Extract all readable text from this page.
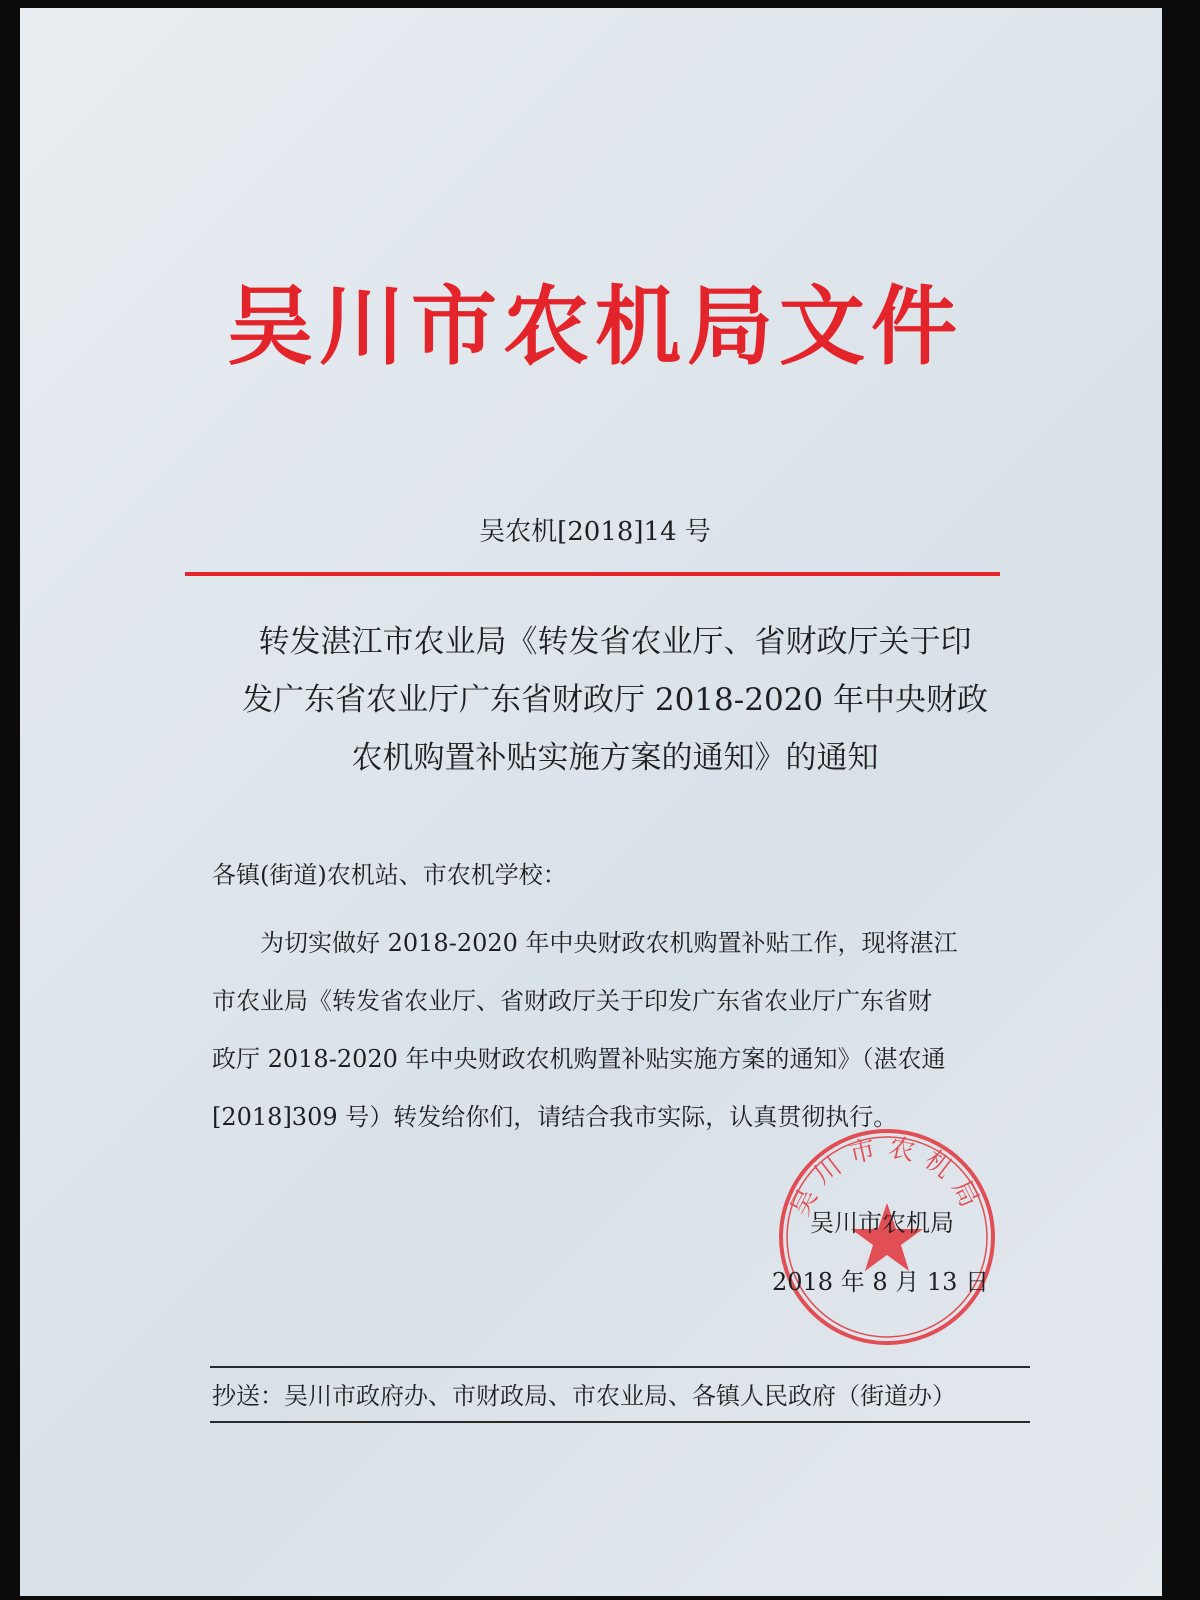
吴川市农机局文件
吴农机[2018]14 号
转发湛江市农业局《转发省农业厅、省财政厅关于印
发广东省农业厅广东省财政厅 2018-2020 年中央财政
农机购置补贴实施方案的通知》的通知
各镇(街道)农机站、市农机学校：
为切实做好 2018-2020 年中央财政农机购置补贴工作，现将湛江
市农业局《转发省农业厅、省财政厅关于印发广东省农业厅广东省财
政厅 2018-2020 年中央财政农机购置补贴实施方案的通知》（湛农通
[2018]309 号）转发给你们，请结合我市实际，认真贯彻执行。
吴川市农机局
吴川市农机局
2018 年 8 月 13 日
抄送：吴川市政府办、市财政局、市农业局、各镇人民政府（街道办）
